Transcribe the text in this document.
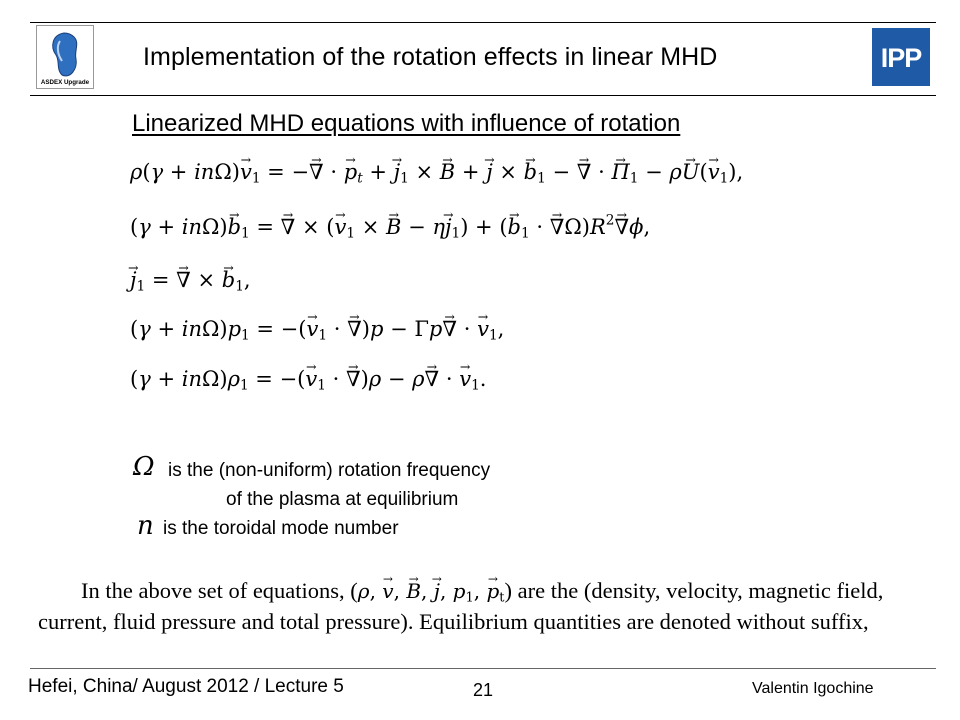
ASDEX Upgrade
Implementation of the rotation effects in linear MHD	IPP
Linearized MHD equations with influence of rotation
$\rho(\gamma + in\Omega)\to v_1$ = −→ ∇ · → $p_t$ + → $j_1$ × → B + → j × → $b_1$ − → ∇ · → $\Pi_1 - \rho\to U(\to v_1)$,
$(\gamma + in\Omega)\to b_1$ = → ∇ × (→ $v_1$ × → $B - \eta\to j_1$) + (→ $b_1$ · → $\nabla\Omega)R^2\to \nabla\phi$,
→ $j_1$ = → ∇ × → $b_1$,
$(\gamma + in\Omega)p_1$ = −(→ $v_1$ · → ∇)p − Γp→ ∇ · → $v_1$,
$(\gamma + in\Omega)\rho_1$ = −(→ $v_1$ · → ∇)ρ − ρ→ ∇ · → $v_1$.
Ω is the (non-uniform) rotation frequency
of the plasma at equilibrium
n is the toroidal mode number
In the above set of equations, (ρ, → v, → B, → j, $p_1$, → $p_t$) are the (density, velocity, magnetic field,
current, fluid pressure and total pressure). Equilibrium quantities are denoted without suffix,
Hefei, China/ August 2012 / Lecture 5	21	Valentin Igochine
